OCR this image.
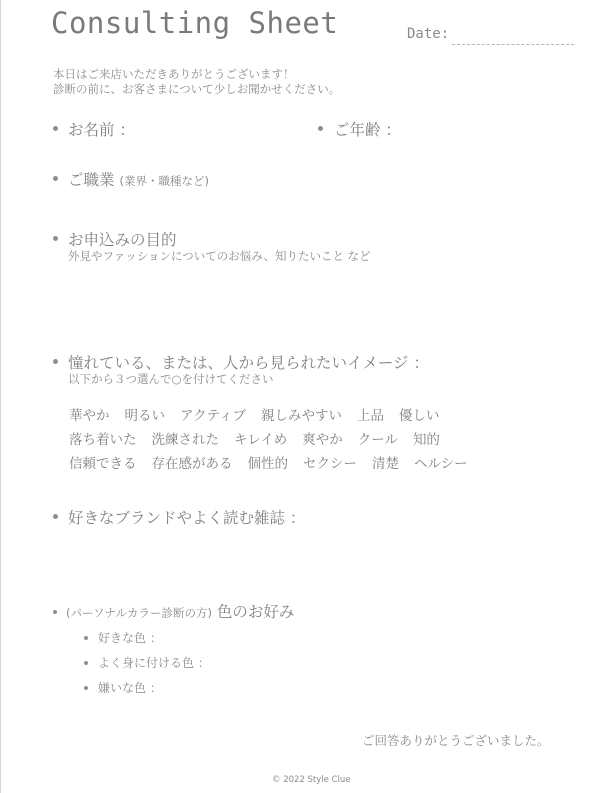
Consulting Sheet	Date:
本日はご来店いただきありがとうございます！
診断の前に、お客さまについて少しお聞かせください。
お名前 ：	ご年齢 ：
ご職業 (業界・職種など)
お申込みの目的
外見やファッションについてのお悩み、知りたいこと など
憧れている、または、人から見られたいイメージ ：
以下から３つ選んで○を付けてください
華やか 明るい アクティブ 親しみやすい 上品 優しい
落ち着いた 洗練された キレイめ 爽やか クール 知的
信頼できる 存在感がある 個性的 セクシー 清楚 ヘルシー
好きなブランドやよく読む雑誌 ：
(パーソナルカラー診断の方) 色のお好み
好きな色 ：
よく身に付ける色 ：
嫌いな色 ：
ご回答ありがとうございました。
© 2022 Style Clue
